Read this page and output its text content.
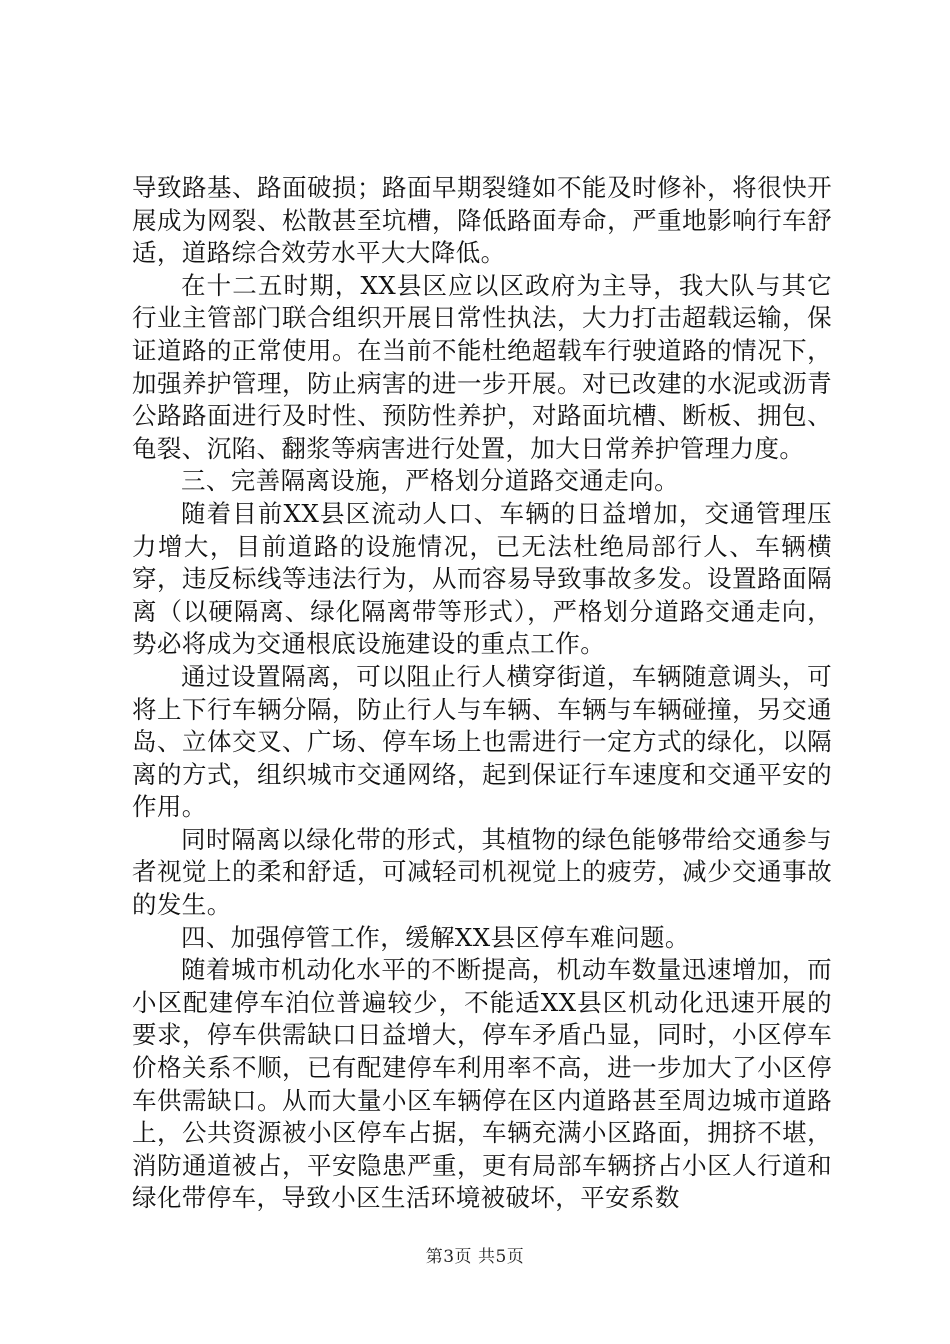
导致路基、路面破损；路面早期裂缝如不能及时修补，将很快开展成为网裂、松散甚至坑槽，降低路面寿命，严重地影响行车舒适，道路综合效劳水平大大降低。

在十二五时期，XX县区应以区政府为主导，我大队与其它行业主管部门联合组织开展日常性执法，大力打击超载运输，保证道路的正常使用。在当前不能杜绝超载车行驶道路的情况下，加强养护管理，防止病害的进一步开展。对已改建的水泥或沥青公路路面进行及时性、预防性养护，对路面坑槽、断板、拥包、龟裂、沉陷、翻浆等病害进行处置，加大日常养护管理力度。

三、完善隔离设施，严格划分道路交通走向。

随着目前XX县区流动人口、车辆的日益增加，交通管理压力增大，目前道路的设施情况，已无法杜绝局部行人、车辆横穿，违反标线等违法行为，从而容易导致事故多发。设置路面隔离（以硬隔离、绿化隔离带等形式），严格划分道路交通走向，势必将成为交通根底设施建设的重点工作。

通过设置隔离，可以阻止行人横穿街道，车辆随意调头，可将上下行车辆分隔，防止行人与车辆、车辆与车辆碰撞，另交通岛、立体交叉、广场、停车场上也需进行一定方式的绿化，以隔离的方式，组织城市交通网络，起到保证行车速度和交通平安的作用。

同时隔离以绿化带的形式，其植物的绿色能够带给交通参与者视觉上的柔和舒适，可减轻司机视觉上的疲劳，减少交通事故的发生。

四、加强停管工作，缓解XX县区停车难问题。

随着城市机动化水平的不断提高，机动车数量迅速增加，而小区配建停车泊位普遍较少，不能适XX县区机动化迅速开展的要求，停车供需缺口日益增大，停车矛盾凸显，同时，小区停车价格关系不顺，已有配建停车利用率不高，进一步加大了小区停车供需缺口。从而大量小区车辆停在区内道路甚至周边城市道路上，公共资源被小区停车占据，车辆充满小区路面，拥挤不堪，消防通道被占，平安隐患严重，更有局部车辆挤占小区人行道和绿化带停车，导致小区生活环境被破坏，平安系数

第3页 共5页
